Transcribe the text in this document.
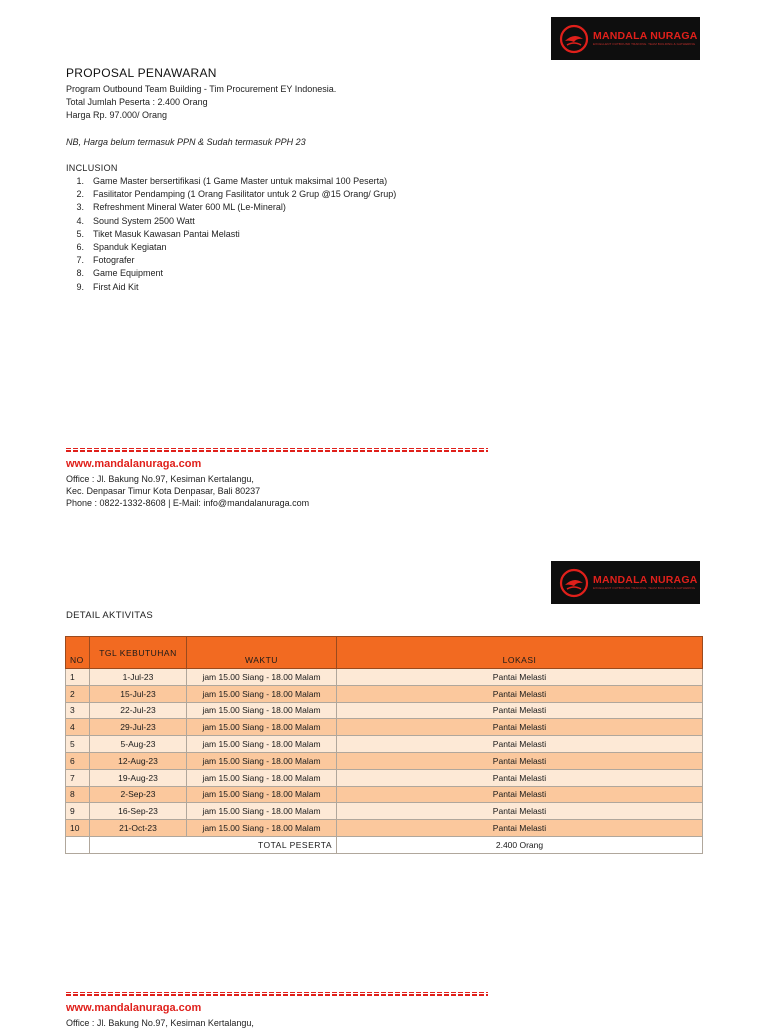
MANDALA NURAGA
EXCELLENT OUTBOUND TRAINING. TEAM BUILDING & GATHERING
PROPOSAL PENAWARAN
Program Outbound Team Building - Tim Procurement EY Indonesia.
Total Jumlah Peserta : 2.400 Orang
Harga Rp. 97.000/ Orang
NB, Harga belum termasuk PPN & Sudah termasuk PPH 23
INCLUSION
1. Game Master bersertifikasi (1 Game Master untuk maksimal 100 Peserta)
2. Fasilitator Pendamping (1 Orang Fasilitator untuk 2 Grup @15 Orang/ Grup)
3. Refreshment Mineral Water 600 ML (Le-Mineral)
4. Sound System 2500 Watt
5. Tiket Masuk Kawasan Pantai Melasti
6. Spanduk Kegiatan
7. Fotografer
8. Game Equipment
9. First Aid Kit
www.mandalanuraga.com
Office : Jl. Bakung No.97, Kesiman Kertalangu,
Kec. Denpasar Timur Kota Denpasar, Bali 80237
Phone : 0822-1332-8608 | E-Mail: info@mandalanuraga.com
MANDALA NURAGA
EXCELLENT OUTBOUND TRAINING. TEAM BUILDING & GATHERING
DETAIL AKTIVITAS
NO	TGL KEBUTUHAN	WAKTU	LOKASI
1	1-Jul-23	jam 15.00 Siang - 18.00 Malam	Pantai Melasti
2	15-Jul-23	jam 15.00 Siang - 18.00 Malam	Pantai Melasti
3	22-Jul-23	jam 15.00 Siang - 18.00 Malam	Pantai Melasti
4	29-Jul-23	jam 15.00 Siang - 18.00 Malam	Pantai Melasti
5	5-Aug-23	jam 15.00 Siang - 18.00 Malam	Pantai Melasti
6	12-Aug-23	jam 15.00 Siang - 18.00 Malam	Pantai Melasti
7	19-Aug-23	jam 15.00 Siang - 18.00 Malam	Pantai Melasti
8	2-Sep-23	jam 15.00 Siang - 18.00 Malam	Pantai Melasti
9	16-Sep-23	jam 15.00 Siang - 18.00 Malam	Pantai Melasti
10	21-Oct-23	jam 15.00 Siang - 18.00 Malam	Pantai Melasti
	TOTAL PESERTA		2.400 Orang
www.mandalanuraga.com
Office : Jl. Bakung No.97, Kesiman Kertalangu,
